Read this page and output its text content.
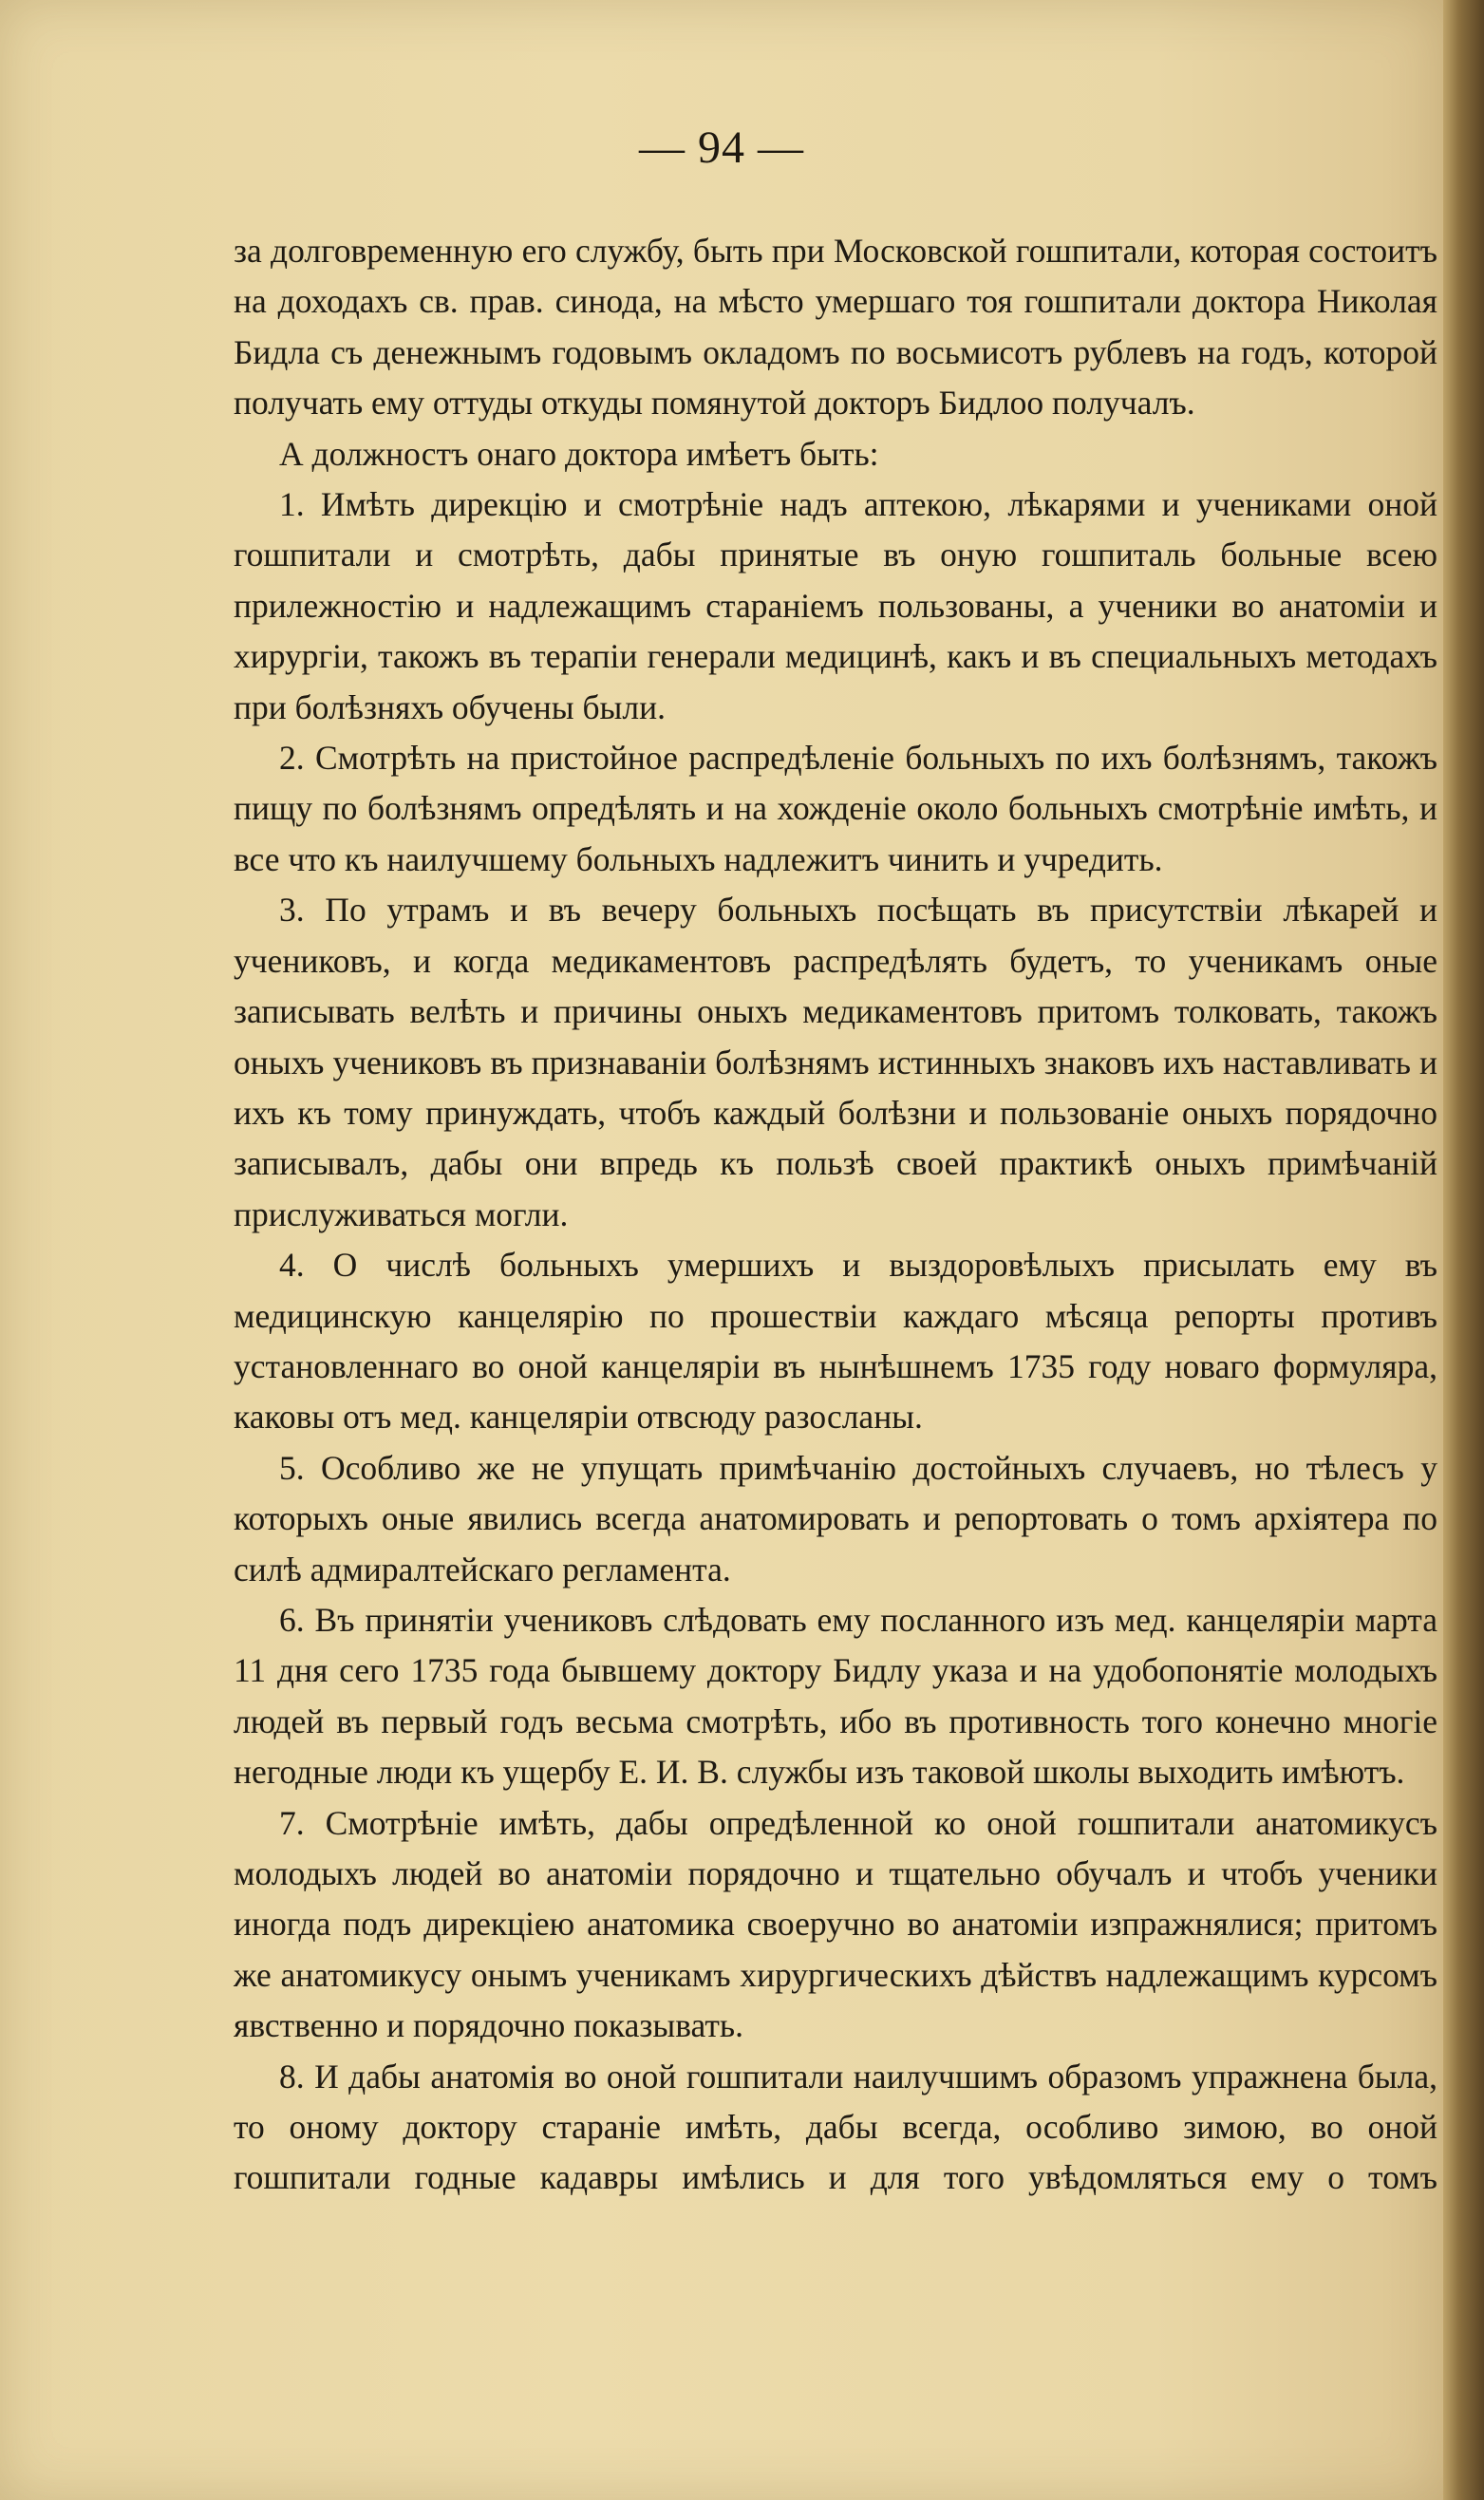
— 94 —

за долговременную его службу, быть при Московской гошпитали, которая состоитъ на доходахъ св. прав. синода, на мѣсто умершаго тоя гошпитали доктора Николая Бидла съ денежнымъ годовымъ окладомъ по восьмисотъ рублевъ на годъ, которой получать ему оттуды откуды помянутой докторъ Бидлоо получалъ.

А должностъ онаго доктора имѣетъ быть:

1. Имѣть дирекцію и смотрѣніе надъ аптекою, лѣкарями и учениками оной гошпитали и смотрѣть, дабы принятые въ оную гошпиталь больные всею прилежностію и надлежащимъ стараніемъ пользованы, а ученики во анатоміи и хирургіи, такожъ въ терапіи генерали медицинѣ, какъ и въ специальныхъ методахъ при болѣзняхъ обучены были.

2. Смотрѣть на пристойное распредѣленіе больныхъ по ихъ болѣзнямъ, такожъ пищу по болѣзнямъ опредѣлять и на хожденіе около больныхъ смотрѣніе имѣть, и все что къ наилучшему больныхъ надлежитъ чинить и учредить.

3. По утрамъ и въ вечеру больныхъ посѣщать въ присутствіи лѣкарей и учениковъ, и когда медикаментовъ распредѣлять будетъ, то ученикамъ оные записывать велѣть и причины оныхъ медикаментовъ притомъ толковать, такожъ оныхъ учениковъ въ признаваніи болѣзнямъ истинныхъ знаковъ ихъ наставливать и ихъ къ тому принуждать, чтобъ каждый болѣзни и пользованіе оныхъ порядочно записывалъ, дабы они впредь къ пользѣ своей практикѣ оныхъ примѣчаній прислуживаться могли.

4. О числѣ больныхъ умершихъ и выздоровѣлыхъ присылать ему въ медицинскую канцелярію по прошествіи каждаго мѣсяца репорты противъ установленнаго во оной канцеляріи въ нынѣшнемъ 1735 году новаго формуляра, каковы отъ мед. канцеляріи отвсюду разосланы.

5. Особливо же не упущать примѣчанію достойныхъ случаевъ, но тѣлесъ у которыхъ оные явились всегда анатомировать и репортовать о томъ архіятера по силѣ адмиралтейскаго регламента.

6. Въ принятіи учениковъ слѣдовать ему посланного изъ мед. канцеляріи марта 11 дня сего 1735 года бывшему доктору Бидлу указа и на удобопонятіе молодыхъ людей въ первый годъ весьма смотрѣть, ибо въ противность того конечно многіе негодные люди къ ущербу Е. И. В. службы изъ таковой школы выходить имѣютъ.

7. Смотрѣніе имѣть, дабы опредѣленной ко оной гошпитали анатомикусъ молодыхъ людей во анатоміи порядочно и тщательно обучалъ и чтобъ ученики иногда подъ дирекціею анатомика своеручно во анатоміи изпражнялися; притомъ же анатомикусу онымъ ученикамъ хирургическихъ дѣйствъ надлежащимъ курсомъ явственно и порядочно показывать.

8. И дабы анатомія во оной гошпитали наилучшимъ образомъ упражнена была, то оному доктору стараніе имѣть, дабы всегда, особливо зимою, во оной гошпитали годные кадавры имѣлись и для того увѣдомляться ему о томъ
